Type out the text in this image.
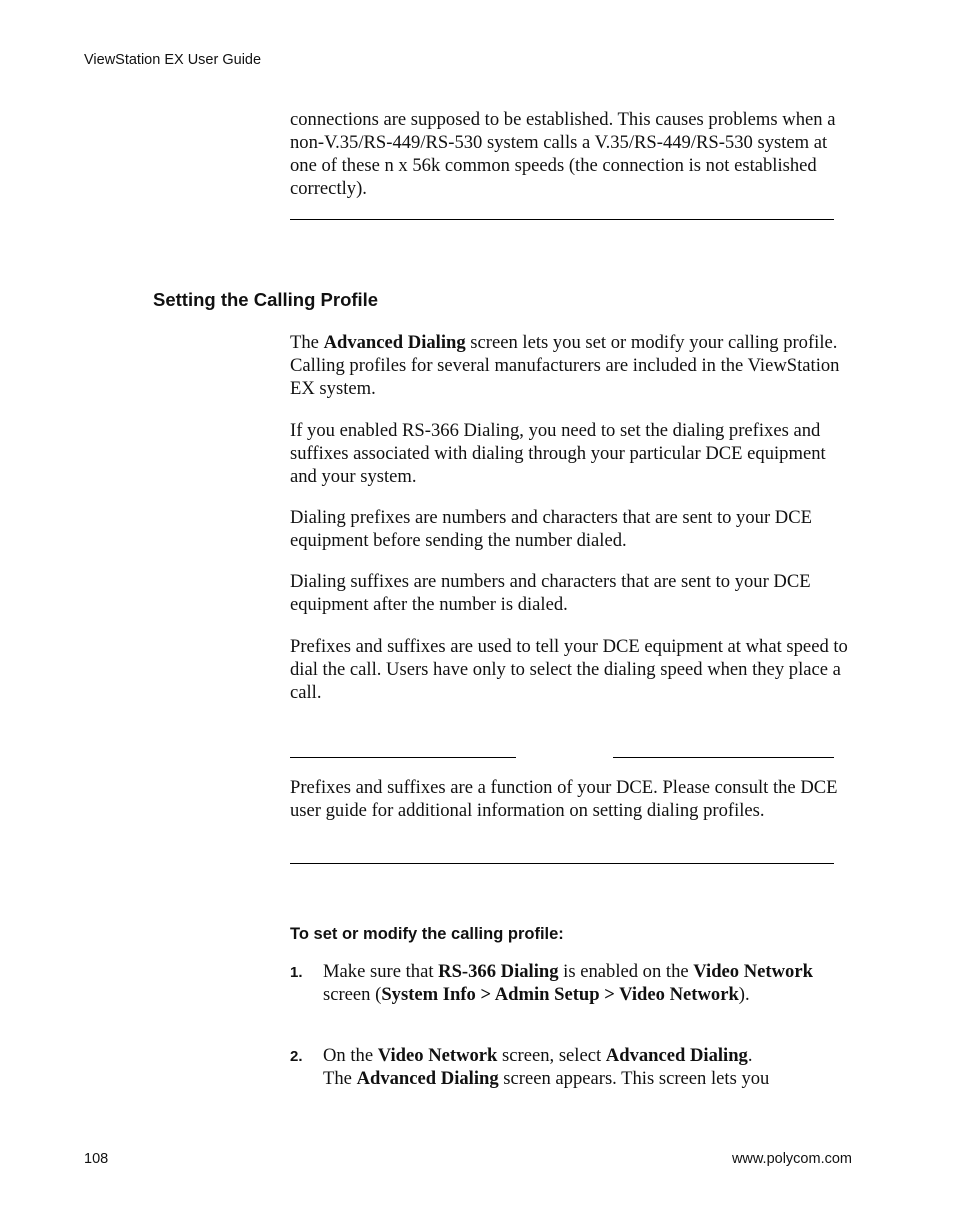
ViewStation EX User Guide

connections are supposed to be established. This causes problems when a non-V.35/RS-449/RS-530 system calls a V.35/RS-449/RS-530 system at one of these n x 56k common speeds (the connection is not established correctly).

Setting the Calling Profile

The Advanced Dialing screen lets you set or modify your calling profile. Calling profiles for several manufacturers are included in the ViewStation EX system.

If you enabled RS-366 Dialing, you need to set the dialing prefixes and suffixes associated with dialing through your particular DCE equipment and your system.

Dialing prefixes are numbers and characters that are sent to your DCE equipment before sending the number dialed.

Dialing suffixes are numbers and characters that are sent to your DCE equipment after the number is dialed.

Prefixes and suffixes are used to tell your DCE equipment at what speed to dial the call. Users have only to select the dialing speed when they place a call.

Prefixes and suffixes are a function of your DCE. Please consult the DCE user guide for additional information on setting dialing profiles.

To set or modify the calling profile:
1. Make sure that RS-366 Dialing is enabled on the Video Network screen (System Info > Admin Setup > Video Network).
2. On the Video Network screen, select Advanced Dialing.
The Advanced Dialing screen appears. This screen lets you
108	www.polycom.com
